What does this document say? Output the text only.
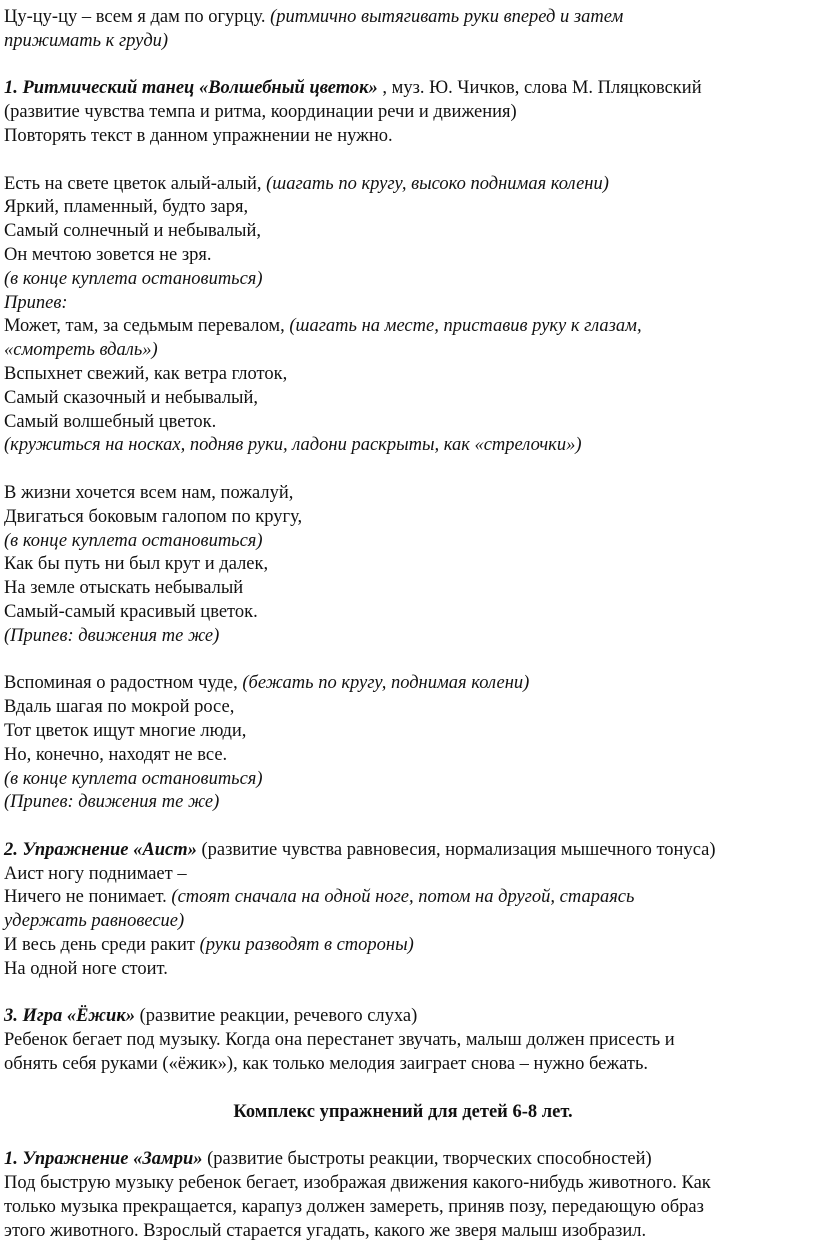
Цу-цу-цу – всем я дам по огурцу. (ритмично вытягивать руки вперед и затем
прижимать к груди)
1. Ритмический танец «Волшебный цветок» , муз. Ю. Чичков, слова М. Пляцковский
(развитие чувства темпа и ритма, координации речи и движения)
Повторять текст в данном упражнении не нужно.
Есть на свете цветок алый-алый, (шагать по кругу, высоко поднимая колени)
Яркий, пламенный, будто заря,
Самый солнечный и небывалый,
Он мечтою зовется не зря.
(в конце куплета остановиться)
Припев:
Может, там, за седьмым перевалом, (шагать на месте, приставив руку к глазам,
«смотреть вдаль»)
Вспыхнет свежий, как ветра глоток,
Самый сказочный и небывалый,
Самый волшебный цветок.
(кружиться на носках, подняв руки, ладони раскрыты, как «стрелочки»)
В жизни хочется всем нам, пожалуй,
Двигаться боковым галопом по кругу,
(в конце куплета остановиться)
Как бы путь ни был крут и далек,
На земле отыскать небывалый
Самый-самый красивый цветок.
(Припев: движения те же)
Вспоминая о радостном чуде, (бежать по кругу, поднимая колени)
Вдаль шагая по мокрой росе,
Тот цветок ищут многие люди,
Но, конечно, находят не все.
(в конце куплета остановиться)
(Припев: движения те же)
2. Упражнение «Аист» (развитие чувства равновесия, нормализация мышечного тонуса)
Аист ногу поднимает –
Ничего не понимает. (стоят сначала на одной ноге, потом на другой, стараясь
удержать равновесие)
И весь день среди ракит (руки разводят в стороны)
На одной ноге стоит.
3. Игра «Ёжик» (развитие реакции, речевого слуха)
Ребенок бегает под музыку. Когда она перестанет звучать, малыш должен присесть и
обнять себя руками («ёжик»), как только мелодия заиграет снова – нужно бежать.
Комплекс упражнений для детей 6-8 лет.
1. Упражнение «Замри» (развитие быстроты реакции, творческих способностей)
Под быструю музыку ребенок бегает, изображая движения какого-нибудь животного. Как
только музыка прекращается, карапуз должен замереть, приняв позу, передающую образ
этого животного. Взрослый старается угадать, какого же зверя малыш изобразил.
